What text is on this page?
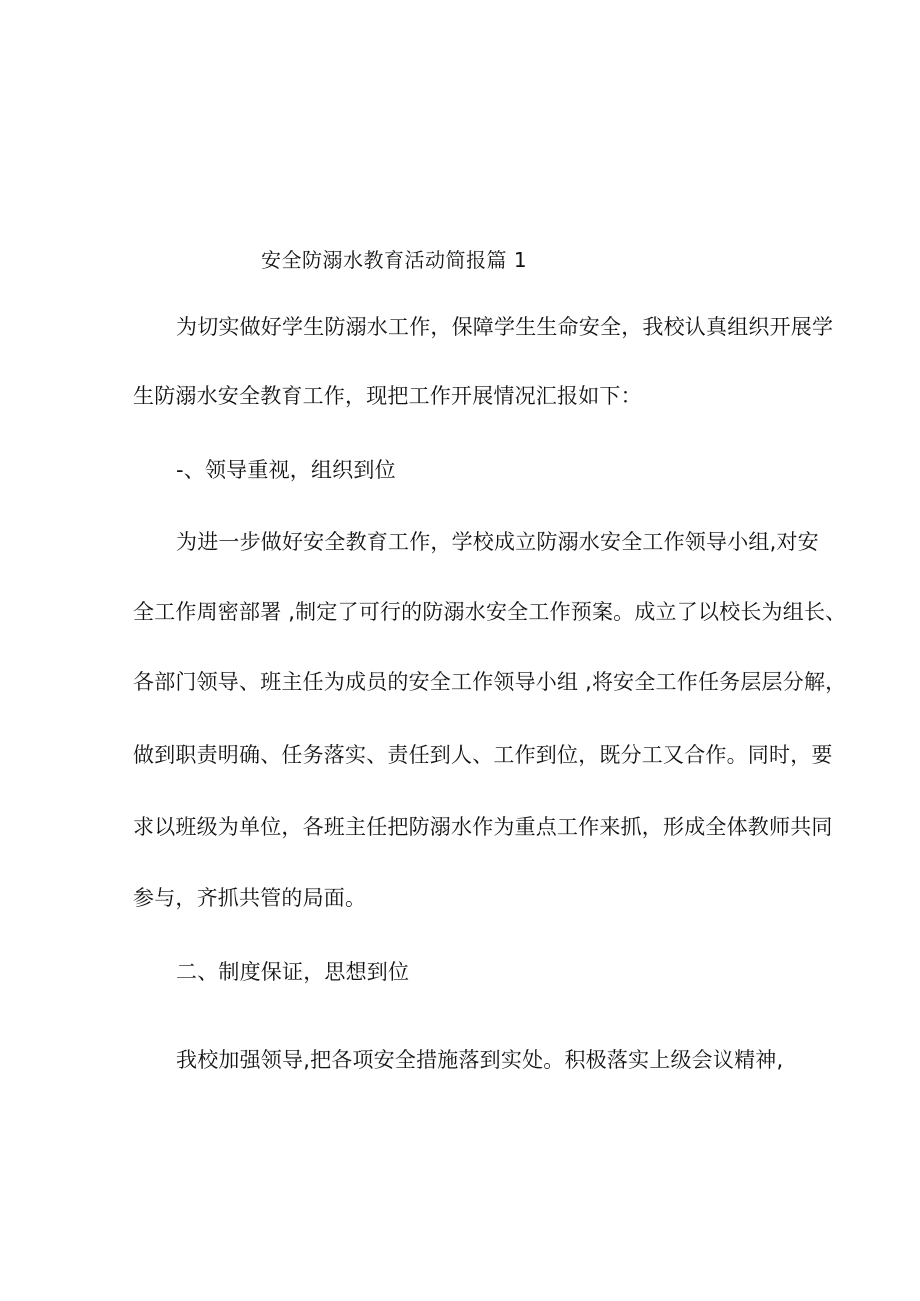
安全防溺水教育活动简报篇 1
为切实做好学生防溺水工作，保障学生生命安全，我校认真组织开展学
生防溺水安全教育工作，现把工作开展情况汇报如下：
-、领导重视，组织到位
为进一步做好安全教育工作，学校成立防溺水安全工作领导小组,对安
全工作周密部署 ,制定了可行的防溺水安全工作预案。成立了以校长为组长、
各部门领导、班主任为成员的安全工作领导小组 ,将安全工作任务层层分解，
做到职责明确、任务落实、责任到人、工作到位，既分工又合作。同时，要
求以班级为单位，各班主任把防溺水作为重点工作来抓，形成全体教师共同
参与，齐抓共管的局面。
二、制度保证，思想到位
我校加强领导,把各项安全措施落到实处。积极落实上级会议精神,
